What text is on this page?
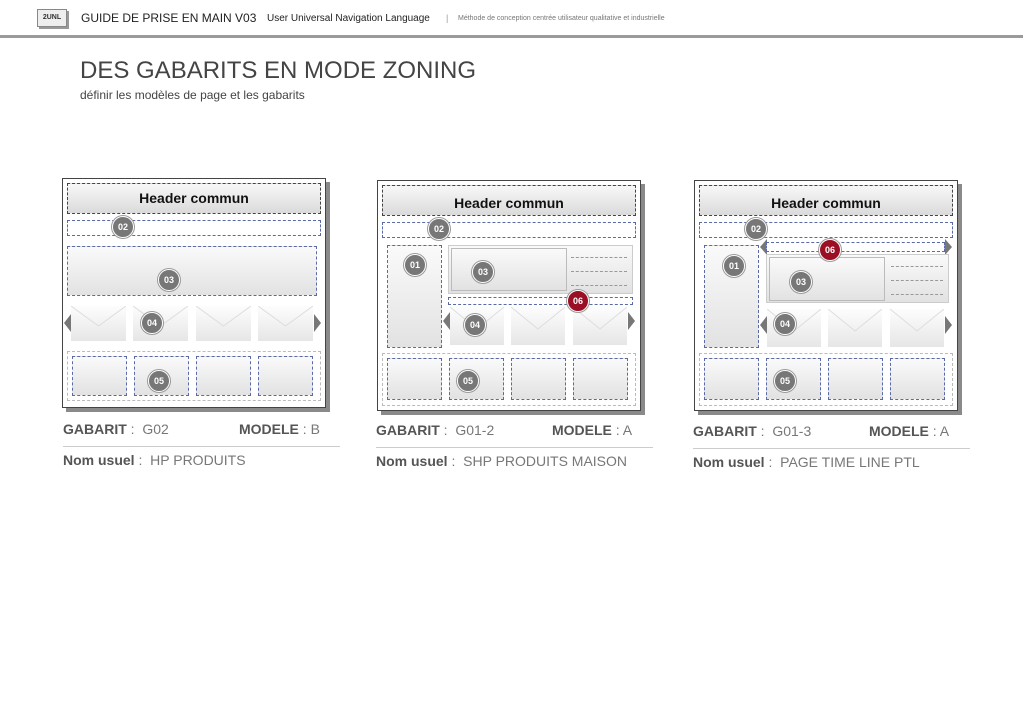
2UNL	GUIDE DE PRISE EN MAIN V03 User Universal Navigation Language | Méthode de conception centrée utilisateur qualitative et industrielle
DES GABARITS EN MODE ZONING
définir les modèles de page et les gabarits
Header commun
02
03
04
05
GABARIT :  G02	MODELE : B
Nom usuel :  HP PRODUITS
Header commun
02
01
03
06
04
05
GABARIT :  G01-2	MODELE : A
Nom usuel :  SHP PRODUITS MAISON
Header commun
02
06
01
03
04
05
GABARIT :  G01-3	MODELE : A
Nom usuel :  PAGE TIME LINE PTL
